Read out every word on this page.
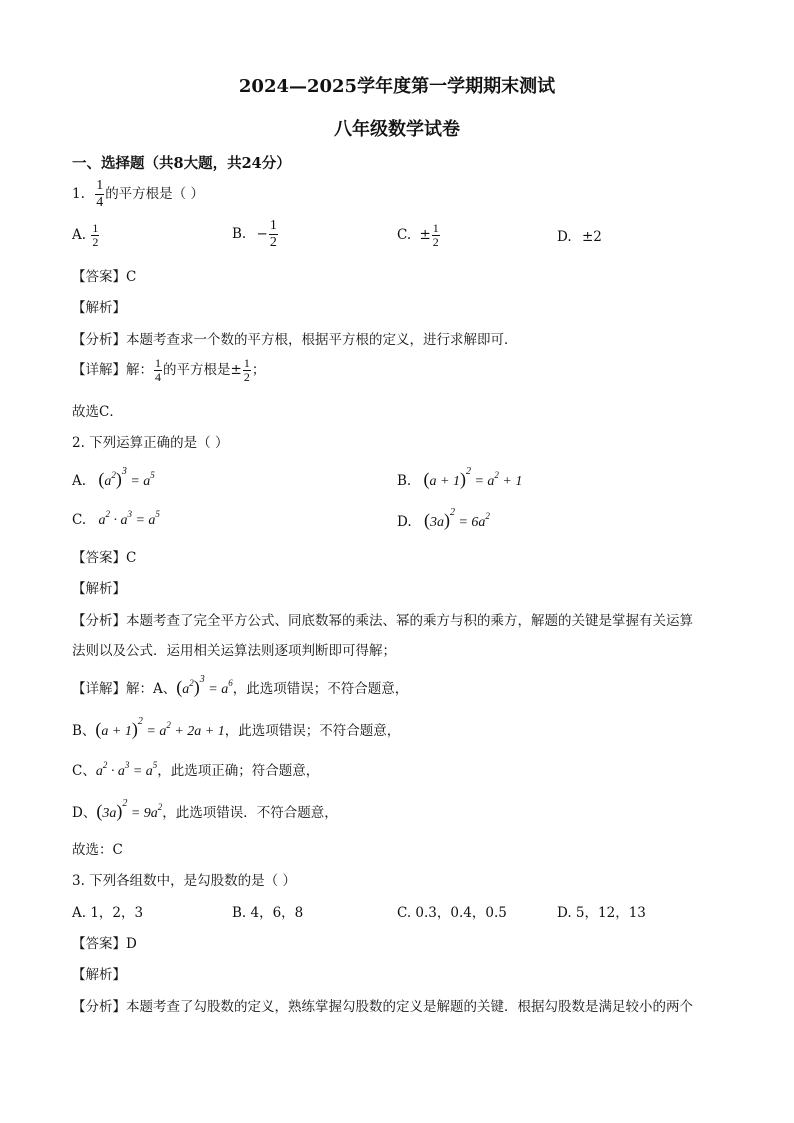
2024—2025学年度第一学期期末测试
八年级数学试卷
一、选择题（共8大题，共24分）
1. $\frac{1}{4}$ 的平方根是（ ）
A. $\frac{1}{2}$	B. − $\frac{1}{2}$	C. ± $\frac{1}{2}$	D. ±2
【答案】C
【解析】
【分析】本题考查求一个数的平方根，根据平方根的定义，进行求解即可．
【详解】解： $\frac{1}{4}$ 的平方根是± $\frac{1}{2}$ ；
故选C．
2. 下列运算正确的是（ ）
A. $(a^2)^3 = a^5$	B. $(a + 1)^2 = a^2 + 1$
C. $a^2 \cdot a^3 = a^5$	D. $(3a)^2 = 6a^2$
【答案】C
【解析】
【分析】本题考查了完全平方公式、同底数幂的乘法、幂的乘方与积的乘方，解题的关键是掌握有关运算
法则以及公式．运用相关运算法则逐项判断即可得解；
【详解】解：A、$(a^2)^3 = a^6$，此选项错误；不符合题意，
B、$(a + 1)^2 = a^2 + 2a + 1$，此选项错误；不符合题意，
C、$a^2 \cdot a^3 = a^5$，此选项正确；符合题意，
D、$(3a)^2 = 9a^2$，此选项错误．不符合题意，
故选：C
3. 下列各组数中，是勾股数的是（ ）
A. 1，2，3	B. 4，6，8	C. 0.3，0.4，0.5	D. 5，12，13
【答案】D
【解析】
【分析】本题考查了勾股数的定义，熟练掌握勾股数的定义是解题的关键．根据勾股数是满足较小的两个
